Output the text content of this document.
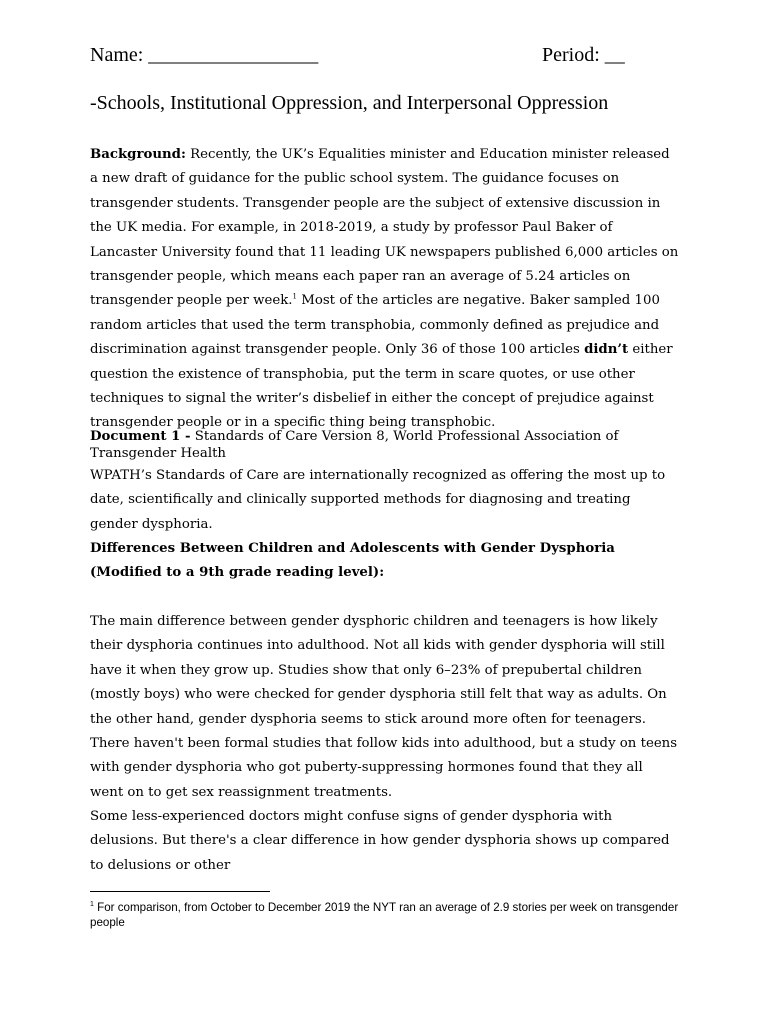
Name: _________________	Period: __
-Schools, Institutional Oppression, and Interpersonal Oppression
Background: Recently, the UK’s Equalities minister and Education minister released a new draft of guidance for the public school system. The guidance focuses on transgender students. Transgender people are the subject of extensive discussion in the UK media. For example, in 2018-2019, a study by professor Paul Baker of Lancaster University found that 11 leading UK newspapers published 6,000 articles on transgender people, which means each paper ran an average of 5.24 articles on transgender people per week.$^1$ Most of the articles are negative. Baker sampled 100 random articles that used the term transphobia, commonly defined as prejudice and discrimination against transgender people. Only 36 of those 100 articles didn’t either question the existence of transphobia, put the term in scare quotes, or use other techniques to signal the writer’s disbelief in either the concept of prejudice against transgender people or in a specific thing being transphobic.
Document 1 - Standards of Care Version 8, World Professional Association of Transgender Health
WPATH’s Standards of Care are internationally recognized as offering the most up to date, scientifically and clinically supported methods for diagnosing and treating gender dysphoria.
Differences Between Children and Adolescents with Gender Dysphoria (Modified to a 9th grade reading level):
The main difference between gender dysphoric children and teenagers is how likely their dysphoria continues into adulthood. Not all kids with gender dysphoria will still have it when they grow up. Studies show that only 6–23% of prepubertal children (mostly boys) who were checked for gender dysphoria still felt that way as adults. On the other hand, gender dysphoria seems to stick around more often for teenagers. There haven't been formal studies that follow kids into adulthood, but a study on teens with gender dysphoria who got puberty-suppressing hormones found that they all went on to get sex reassignment treatments.
Some less-experienced doctors might confuse signs of gender dysphoria with delusions. But there's a clear difference in how gender dysphoria shows up compared to delusions or other
$^1$ For comparison, from October to December 2019 the NYT ran an average of 2.9 stories per week on transgender people
